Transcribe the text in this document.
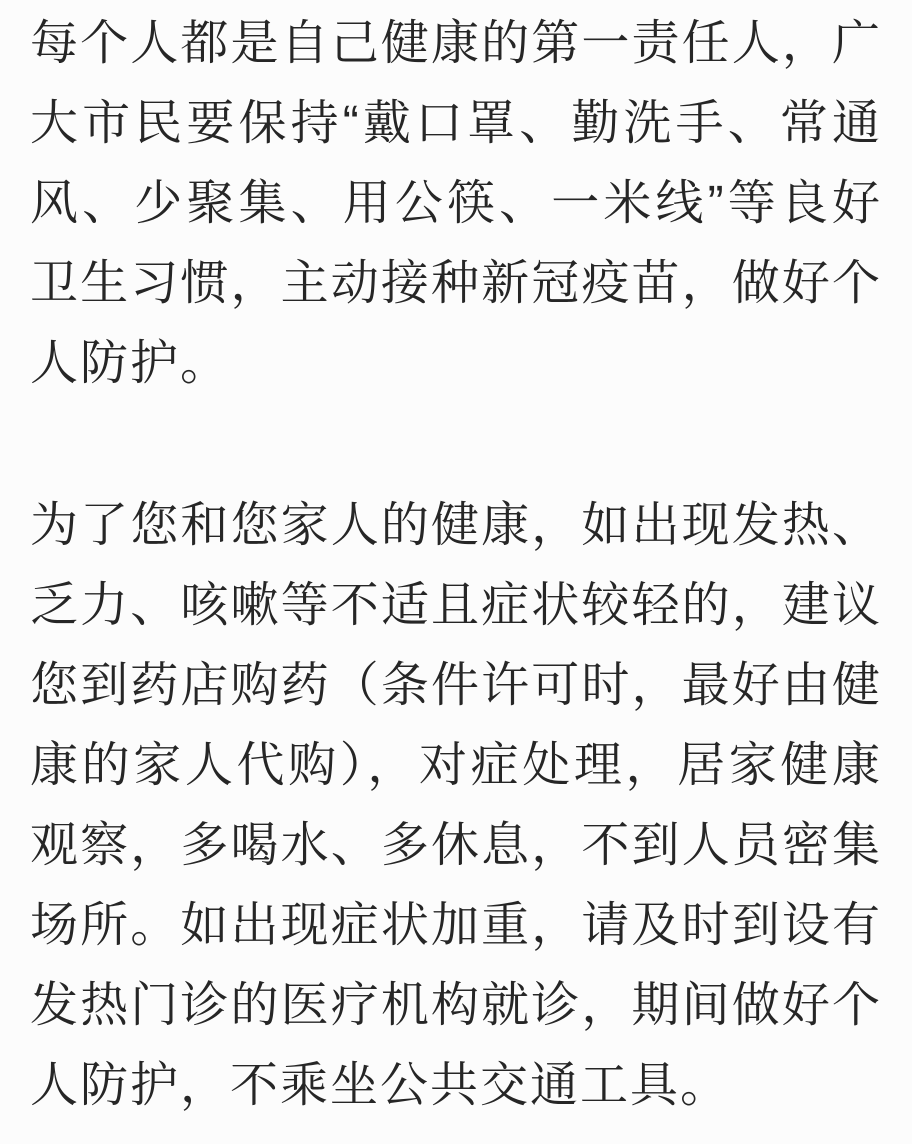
每个人都是自己健康的第一责任人，广大市民要保持“戴口罩、勤洗手、常通风、少聚集、用公筷、一米线”等良好卫生习惯，主动接种新冠疫苗，做好个人防护。

为了您和您家人的健康，如出现发热、乏力、咳嗽等不适且症状较轻的，建议您到药店购药（条件许可时，最好由健康的家人代购），对症处理，居家健康观察，多喝水、多休息，不到人员密集场所。如出现症状加重，请及时到设有发热门诊的医疗机构就诊，期间做好个人防护，不乘坐公共交通工具。
